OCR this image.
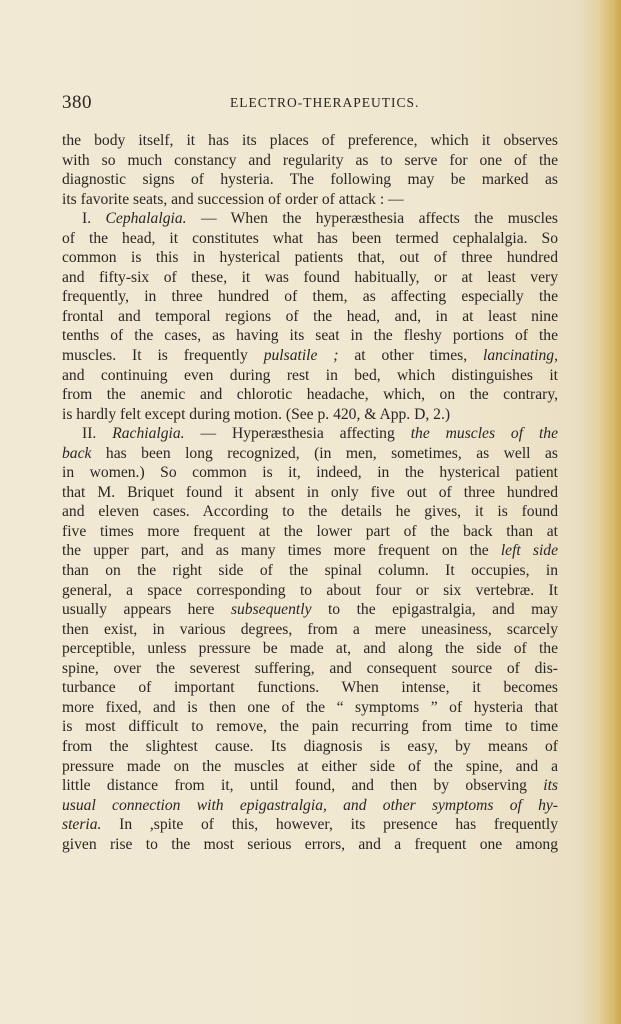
380	ELECTRO-THERAPEUTICS.
the body itself, it has its places of preference, which it observes
with so much constancy and regularity as to serve for one of the
diagnostic signs of hysteria. The following may be marked as
its favorite seats, and succession of order of attack : —
I. Cephalalgia. — When the hyperæsthesia affects the muscles
of the head, it constitutes what has been termed cephalalgia. So
common is this in hysterical patients that, out of three hundred
and fifty-six of these, it was found habitually, or at least very
frequently, in three hundred of them, as affecting especially the
frontal and temporal regions of the head, and, in at least nine
tenths of the cases, as having its seat in the fleshy portions of the
muscles. It is frequently pulsatile ; at other times, lancinating,
and continuing even during rest in bed, which distinguishes it
from the anemic and chlorotic headache, which, on the contrary,
is hardly felt except during motion. (See p. 420, & App. D, 2.)
II. Rachialgia. — Hyperæsthesia affecting the muscles of the
back has been long recognized, (in men, sometimes, as well as
in women.) So common is it, indeed, in the hysterical patient
that M. Briquet found it absent in only five out of three hundred
and eleven cases. According to the details he gives, it is found
five times more frequent at the lower part of the back than at
the upper part, and as many times more frequent on the left side
than on the right side of the spinal column. It occupies, in
general, a space corresponding to about four or six vertebræ. It
usually appears here subsequently to the epigastralgia, and may
then exist, in various degrees, from a mere uneasiness, scarcely
perceptible, unless pressure be made at, and along the side of the
spine, over the severest suffering, and consequent source of dis-
turbance of important functions. When intense, it becomes
more fixed, and is then one of the “ symptoms ” of hysteria that
is most difficult to remove, the pain recurring from time to time
from the slightest cause. Its diagnosis is easy, by means of
pressure made on the muscles at either side of the spine, and a
little distance from it, until found, and then by observing its
usual connection with epigastralgia, and other symptoms of hy-
steria. In ,spite of this, however, its presence has frequently
given rise to the most serious errors, and a frequent one among
